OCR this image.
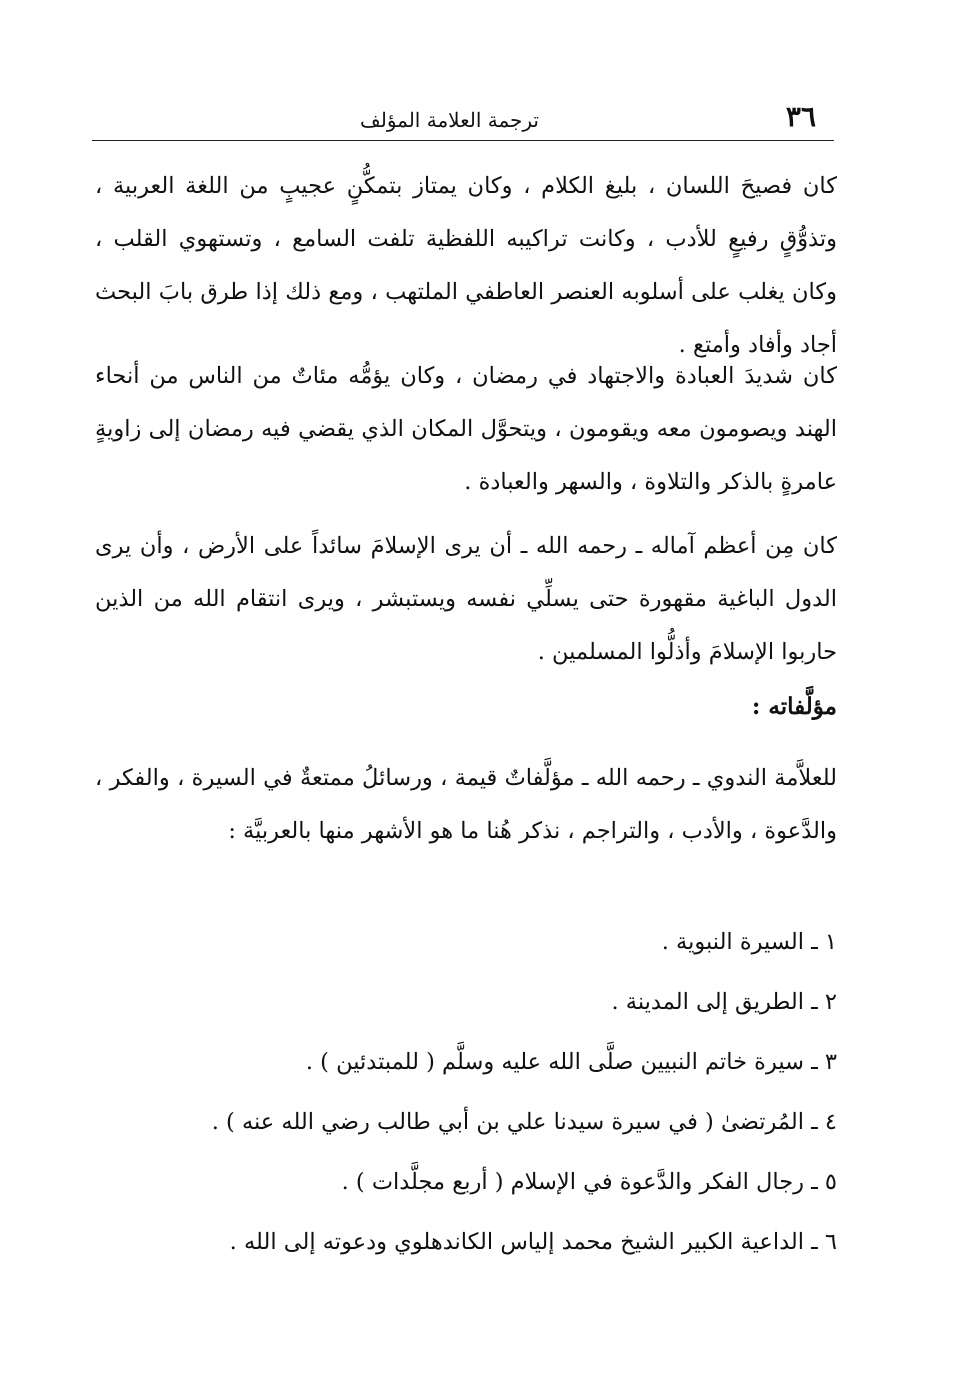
٣٦
ترجمة العلامة المؤلف

كان فصيحَ اللسان ، بليغ الكلام ، وكان يمتاز بتمكُّنٍ عجيبٍ من اللغة العربية ، وتذوُّقٍ رفيعٍ للأدب ، وكانت تراكيبه اللفظية تلفت السامع ، وتستهوي القلب ، وكان يغلب على أسلوبه العنصر العاطفي الملتهب ، ومع ذلك إذا طرق بابَ البحث أجاد وأفاد وأمتع .

كان شديدَ العبادة والاجتهاد في رمضان ، وكان يؤمُّه مئاتٌ من الناس من أنحاء الهند ويصومون معه ويقومون ، ويتحوَّل المكان الذي يقضي فيه رمضان إلى زاويةٍ عامرةٍ بالذكر والتلاوة ، والسهر والعبادة .

كان مِن أعظم آماله ـ رحمه الله ـ أن يرى الإسلامَ سائداً على الأرض ، وأن يرى الدول الباغية مقهورة حتى يسلِّي نفسه ويستبشر ، ويرى انتقام الله من الذين حاربوا الإسلامَ وأذلُّوا المسلمين .

مؤلَّفاته :

للعلاَّمة الندوي ـ رحمه الله ـ مؤلَّفاتٌ قيمة ، ورسائلُ ممتعةٌ في السيرة ، والفكر ، والدَّعوة ، والأدب ، والتراجم ، نذكر هُنا ما هو الأشهر منها بالعربيَّة :

١ ـ السيرة النبوية .
٢ ـ الطريق إلى المدينة .
٣ ـ سيرة خاتم النبيين صلَّى الله عليه وسلَّم ( للمبتدئين ) .
٤ ـ المُرتضىٰ ( في سيرة سيدنا علي بن أبي طالب رضي الله عنه ) .
٥ ـ رجال الفكر والدَّعوة في الإسلام ( أربع مجلَّدات ) .
٦ ـ الداعية الكبير الشيخ محمد إلياس الكاندهلوي ودعوته إلى الله .
